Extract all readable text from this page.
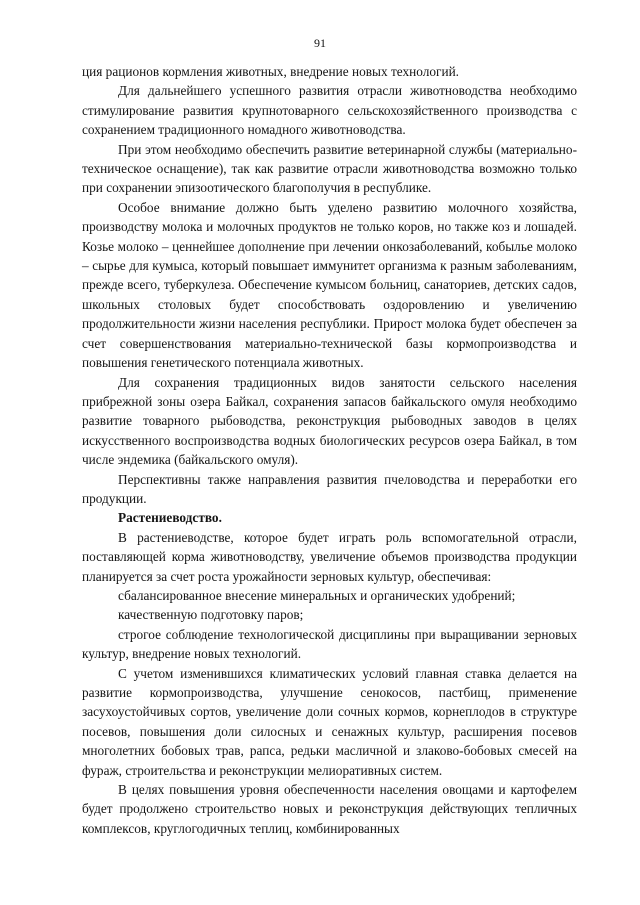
91

ция рационов кормления животных, внедрение новых технологий.

Для дальнейшего успешного развития отрасли животноводства необходимо стимулирование развития крупнотоварного сельскохозяйственного производства с сохранением традиционного номадного животноводства.

При этом необходимо обеспечить развитие ветеринарной службы (материально-техническое оснащение), так как развитие отрасли животноводства возможно только при сохранении эпизоотического благополучия в республике.

Особое внимание должно быть уделено развитию молочного хозяйства, производству молока и молочных продуктов не только коров, но также коз и лошадей. Козье молоко – ценнейшее дополнение при лечении онкозаболеваний, кобылье молоко – сырье для кумыса, который повышает иммунитет организма к разным заболеваниям, прежде всего, туберкулеза. Обеспечение кумысом больниц, санаториев, детских садов, школьных столовых будет способствовать оздоровлению и увеличению продолжительности жизни населения республики. Прирост молока будет обеспечен за счет совершенствования материально-технической базы кормопроизводства и повышения генетического потенциала животных.

Для сохранения традиционных видов занятости сельского населения прибрежной зоны озера Байкал, сохранения запасов байкальского омуля необходимо развитие товарного рыбоводства, реконструкция рыбоводных заводов в целях искусственного воспроизводства водных биологических ресурсов озера Байкал, в том числе эндемика (байкальского омуля).

Перспективны также направления развития пчеловодства и переработки его продукции.

Растениеводство.

В растениеводстве, которое будет играть роль вспомогательной отрасли, поставляющей корма животноводству, увеличение объемов производства продукции планируется за счет роста урожайности зерновых культур, обеспечивая:

сбалансированное внесение минеральных и органических удобрений;

качественную подготовку паров;

строгое соблюдение технологической дисциплины при выращивании зерновых культур, внедрение новых технологий.

С учетом изменившихся климатических условий главная ставка делается на развитие кормопроизводства, улучшение сенокосов, пастбищ, применение засухоустойчивых сортов, увеличение доли сочных кормов, корнеплодов в структуре посевов, повышения доли силосных и сенажных культур, расширения посевов многолетних бобовых трав, рапса, редьки масличной и злаково-бобовых смесей на фураж, строительства и реконструкции мелиоративных систем.

В целях повышения уровня обеспеченности населения овощами и картофелем будет продолжено строительство новых и реконструкция действующих тепличных комплексов, круглогодичных теплиц, комбинированных
